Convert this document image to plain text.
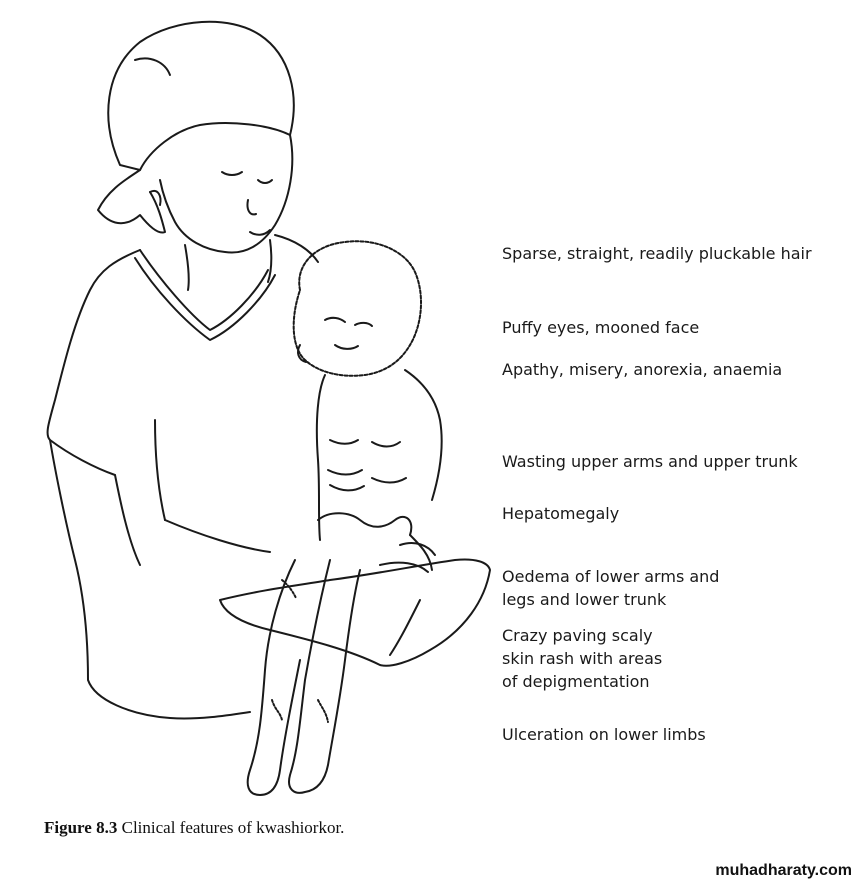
Sparse, straight, readily pluckable hair
Puffy eyes, mooned face
Apathy, misery, anorexia, anaemia
Wasting upper arms and upper trunk
Hepatomegaly
Oedema of lower arms and
legs and lower trunk
Crazy paving scaly
skin rash with areas
of depigmentation
Ulceration on lower limbs
Figure 8.3 Clinical features of kwashiorkor.
muhadharaty.com
